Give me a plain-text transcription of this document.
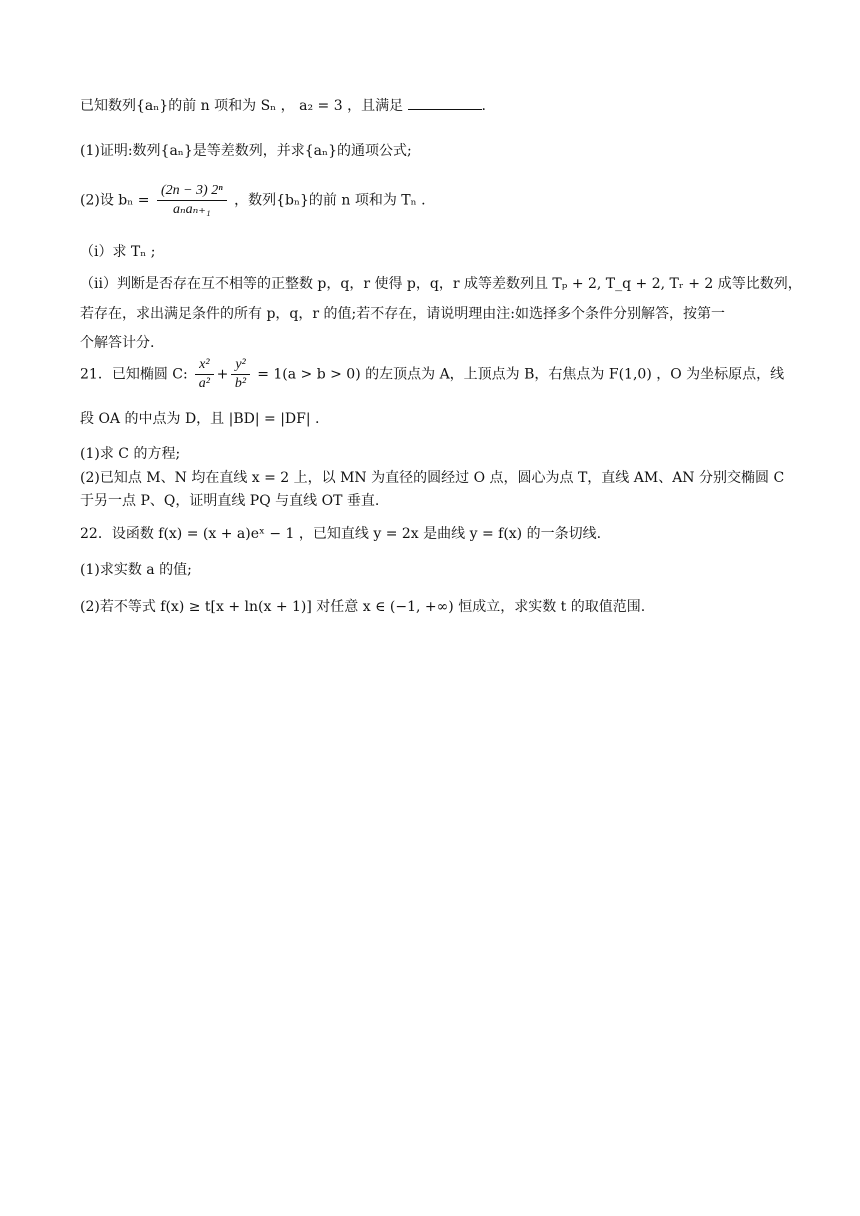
已知数列{aₙ}的前 n 项和为 Sₙ ， a₂ = 3 ，且满足	.
(1)证明:数列{aₙ}是等差数列，并求{aₙ}的通项公式;
(2)设 $b_n = \frac{\text{(2n − 3) 2ⁿ}}{\text{aₙaₙ₊₁}}$ ，数列{bₙ}的前 n 项和为 Tₙ .
（i）求 Tₙ ;
（ii）判断是否存在互不相等的正整数 p，q，r 使得 p，q，r 成等差数列且 Tₚ + 2, T_q + 2, Tᵣ + 2 成等比数列，
若存在，求出满足条件的所有 p，q，r 的值;若不存在，请说明理由注:如选择多个条件分别解答，按第一
个解答计分.
21．已知椭圆 C: $\frac{\text{x²}}{\text{a²}} + \frac{\text{y²}}{\text{b²}} = 1(a > b > 0)$ 的左顶点为 A，上顶点为 B，右焦点为 F(1,0) ，O 为坐标原点，线
段 OA 的中点为 D，且 |BD| = |DF| .
(1)求 C 的方程;
(2)已知点 M、N 均在直线 x = 2 上，以 MN 为直径的圆经过 O 点，圆心为点 T，直线 AM、AN 分别交椭圆 C
于另一点 P、Q，证明直线 PQ 与直线 OT 垂直.
22．设函数 f(x) = (x + a)eˣ − 1 ，已知直线 y = 2x 是曲线 y = f(x) 的一条切线.
(1)求实数 a 的值;
(2)若不等式 f(x) ≥ t[x + ln(x + 1)] 对任意 x ∈ (−1, +∞) 恒成立，求实数 t 的取值范围.
